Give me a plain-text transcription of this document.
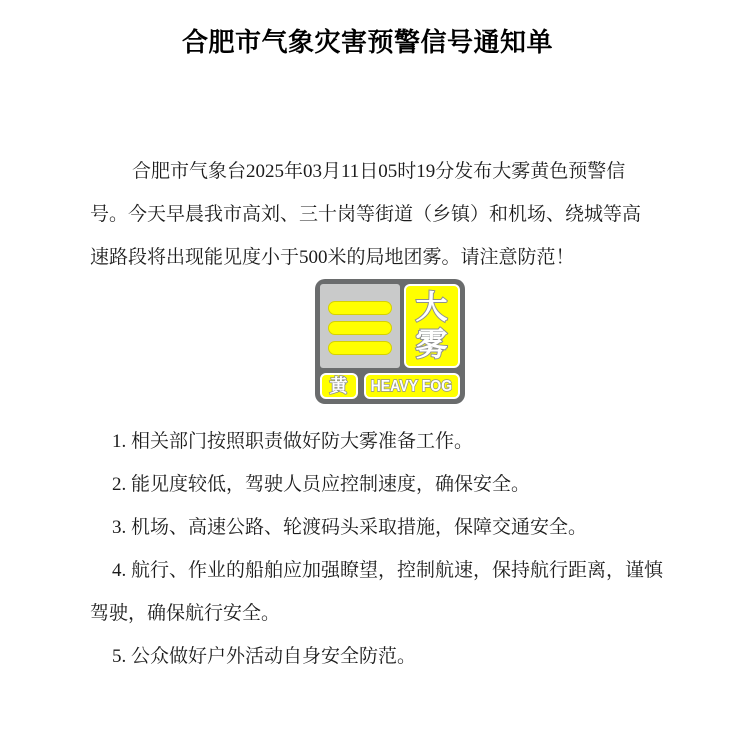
合肥市气象灾害预警信号通知单
合肥市气象台2025年03月11日05时19分发布大雾黄色预警信
号。今天早晨我市高刘、三十岗等街道（乡镇）和机场、绕城等高
速路段将出现能见度小于500米的局地团雾。请注意防范！
大雾
黄 HEAVY FOG
1. 相关部门按照职责做好防大雾准备工作。
2. 能见度较低，驾驶人员应控制速度，确保安全。
3. 机场、高速公路、轮渡码头采取措施，保障交通安全。
4. 航行、作业的船舶应加强瞭望，控制航速，保持航行距离，谨慎
驾驶，确保航行安全。
5. 公众做好户外活动自身安全防范。
